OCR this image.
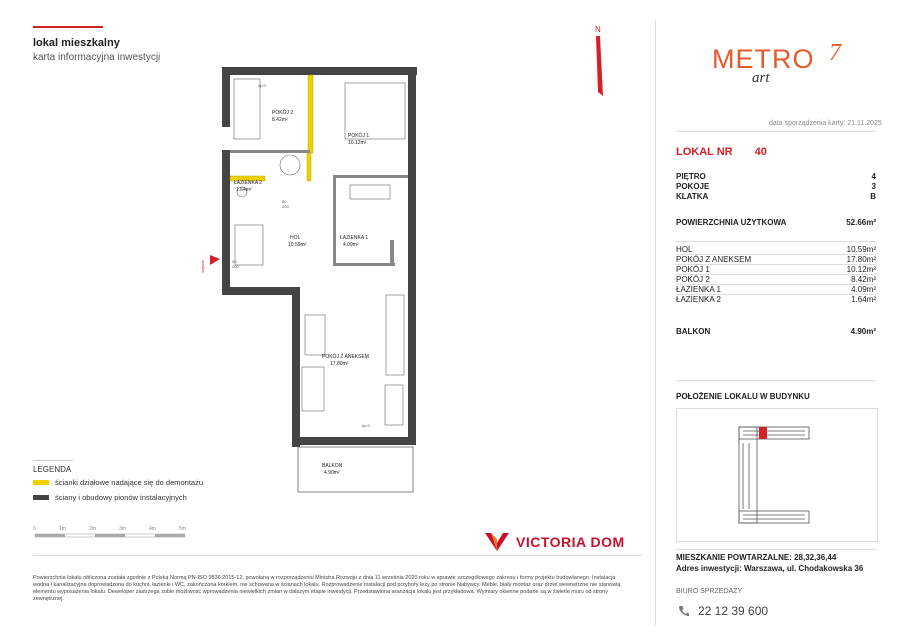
lokal mieszkalny
karta informacyjna inwestycji
N
METRO
art
7
data sporządzenia karty: 21.11.2025
LOKAL NR 40
PIĘTRO	4
POKOJE	3
KLATKA	B
POWIERZCHNIA UŻYTKOWA	52.66m²
HOL	10.59m²
POKÓJ Z ANEKSEM	17.80m²
POKÓJ 1	10.12m²
POKÓJ 2	8.42m²
ŁAZIENKA 1	4.09m²
ŁAZIENKA 2	1.64m²
BALKON	4.90m²
POŁOŻENIE LOKALU W BUDYNKU
MIESZKANIE POWTARZALNE: 28,32,36,44
Adres inwestycji: Warszawa, ul. Chodakowska 36
BIURO SPRZEDAŻY
22 12 39 600
wejście
POKÓJ 2
8.42m²
POKÓJ 1
10.12m²
ŁAZIENKA 2
1.64m²
ŁAZIENKA 1
4.09m²
HOL
10.59m²
POKÓJ Z ANEKSEM
17.80m²
BALKON
4.90m²
hp 0
hp 0
80
200
90
200
LEGENDA
ścianki działowe nadające się do demontażu
ściany i obudowy pionów instalacyjnych
0	1m	2m	3m	4m	5m
VICTORIA DOM
Powierzchnia lokalu obliczona została zgodnie z Polską Normą PN-ISO 9836:2015-12, powołaną w rozporządzeniu Ministra Rozwoju z dnia 11 września 2020 roku w sprawie szczegółowego zakresu i formy projektu budowlanego. Instalacja wodna i kanalizacyjna doprowadzona do kuchni, łazienki i WC, zakończona korkiem, nie schowana w ścianach lokalu. Rozprowadzenie instalacji pod przybory leży po stronie Nabywcy. Meble, biały montaż oraz drzwi wewnętrzne nie stanowią elementu wyposażenia lokalu. Deweloper zastrzega sobie możliwość wprowadzenia niewielkich zmian w dalszym etapie inwestycji. Przedstawiona aranżacja lokalu jest przykładowa. Wymiary okienne podane są w świetle muru od strony zewnętrznej.
